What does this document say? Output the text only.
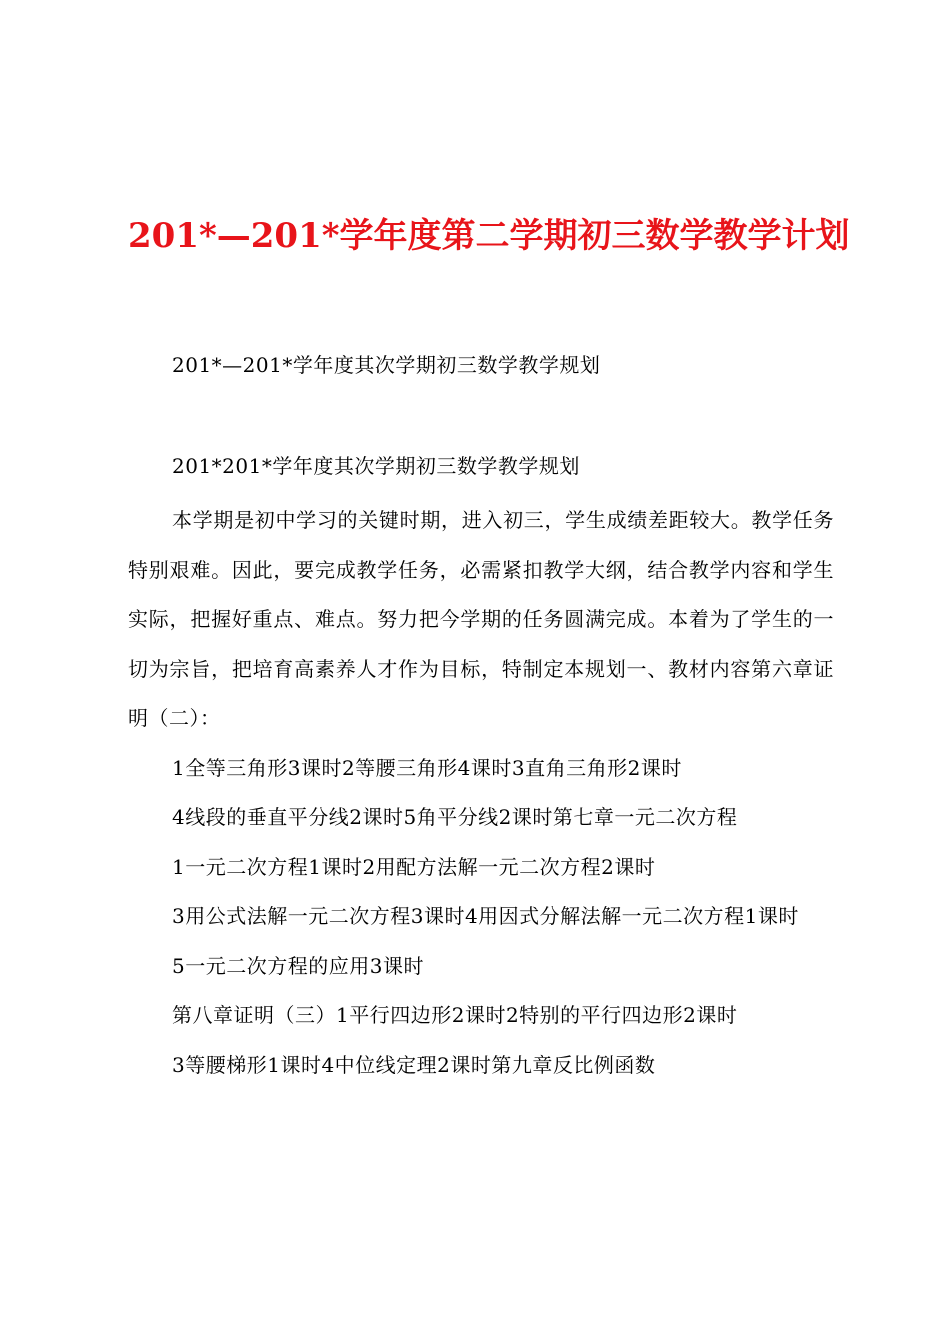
201*—201*学年度第二学期初三数学教学计划

201*—201*学年度其次学期初三数学教学规划

201*201*学年度其次学期初三数学教学规划

本学期是初中学习的关键时期，进入初三，学生成绩差距较大。教学任务特别艰难。因此，要完成教学任务，必需紧扣教学大纲，结合教学内容和学生实际，把握好重点、难点。努力把今学期的任务圆满完成。本着为了学生的一切为宗旨，把培育高素养人才作为目标，特制定本规划一、教材内容第六章证明（二）：

1全等三角形3课时2等腰三角形4课时3直角三角形2课时

4线段的垂直平分线2课时5角平分线2课时第七章一元二次方程

1一元二次方程1课时2用配方法解一元二次方程2课时

3用公式法解一元二次方程3课时4用因式分解法解一元二次方程1课时

5一元二次方程的应用3课时

第八章证明（三）1平行四边形2课时2特别的平行四边形2课时

3等腰梯形1课时4中位线定理2课时第九章反比例函数
